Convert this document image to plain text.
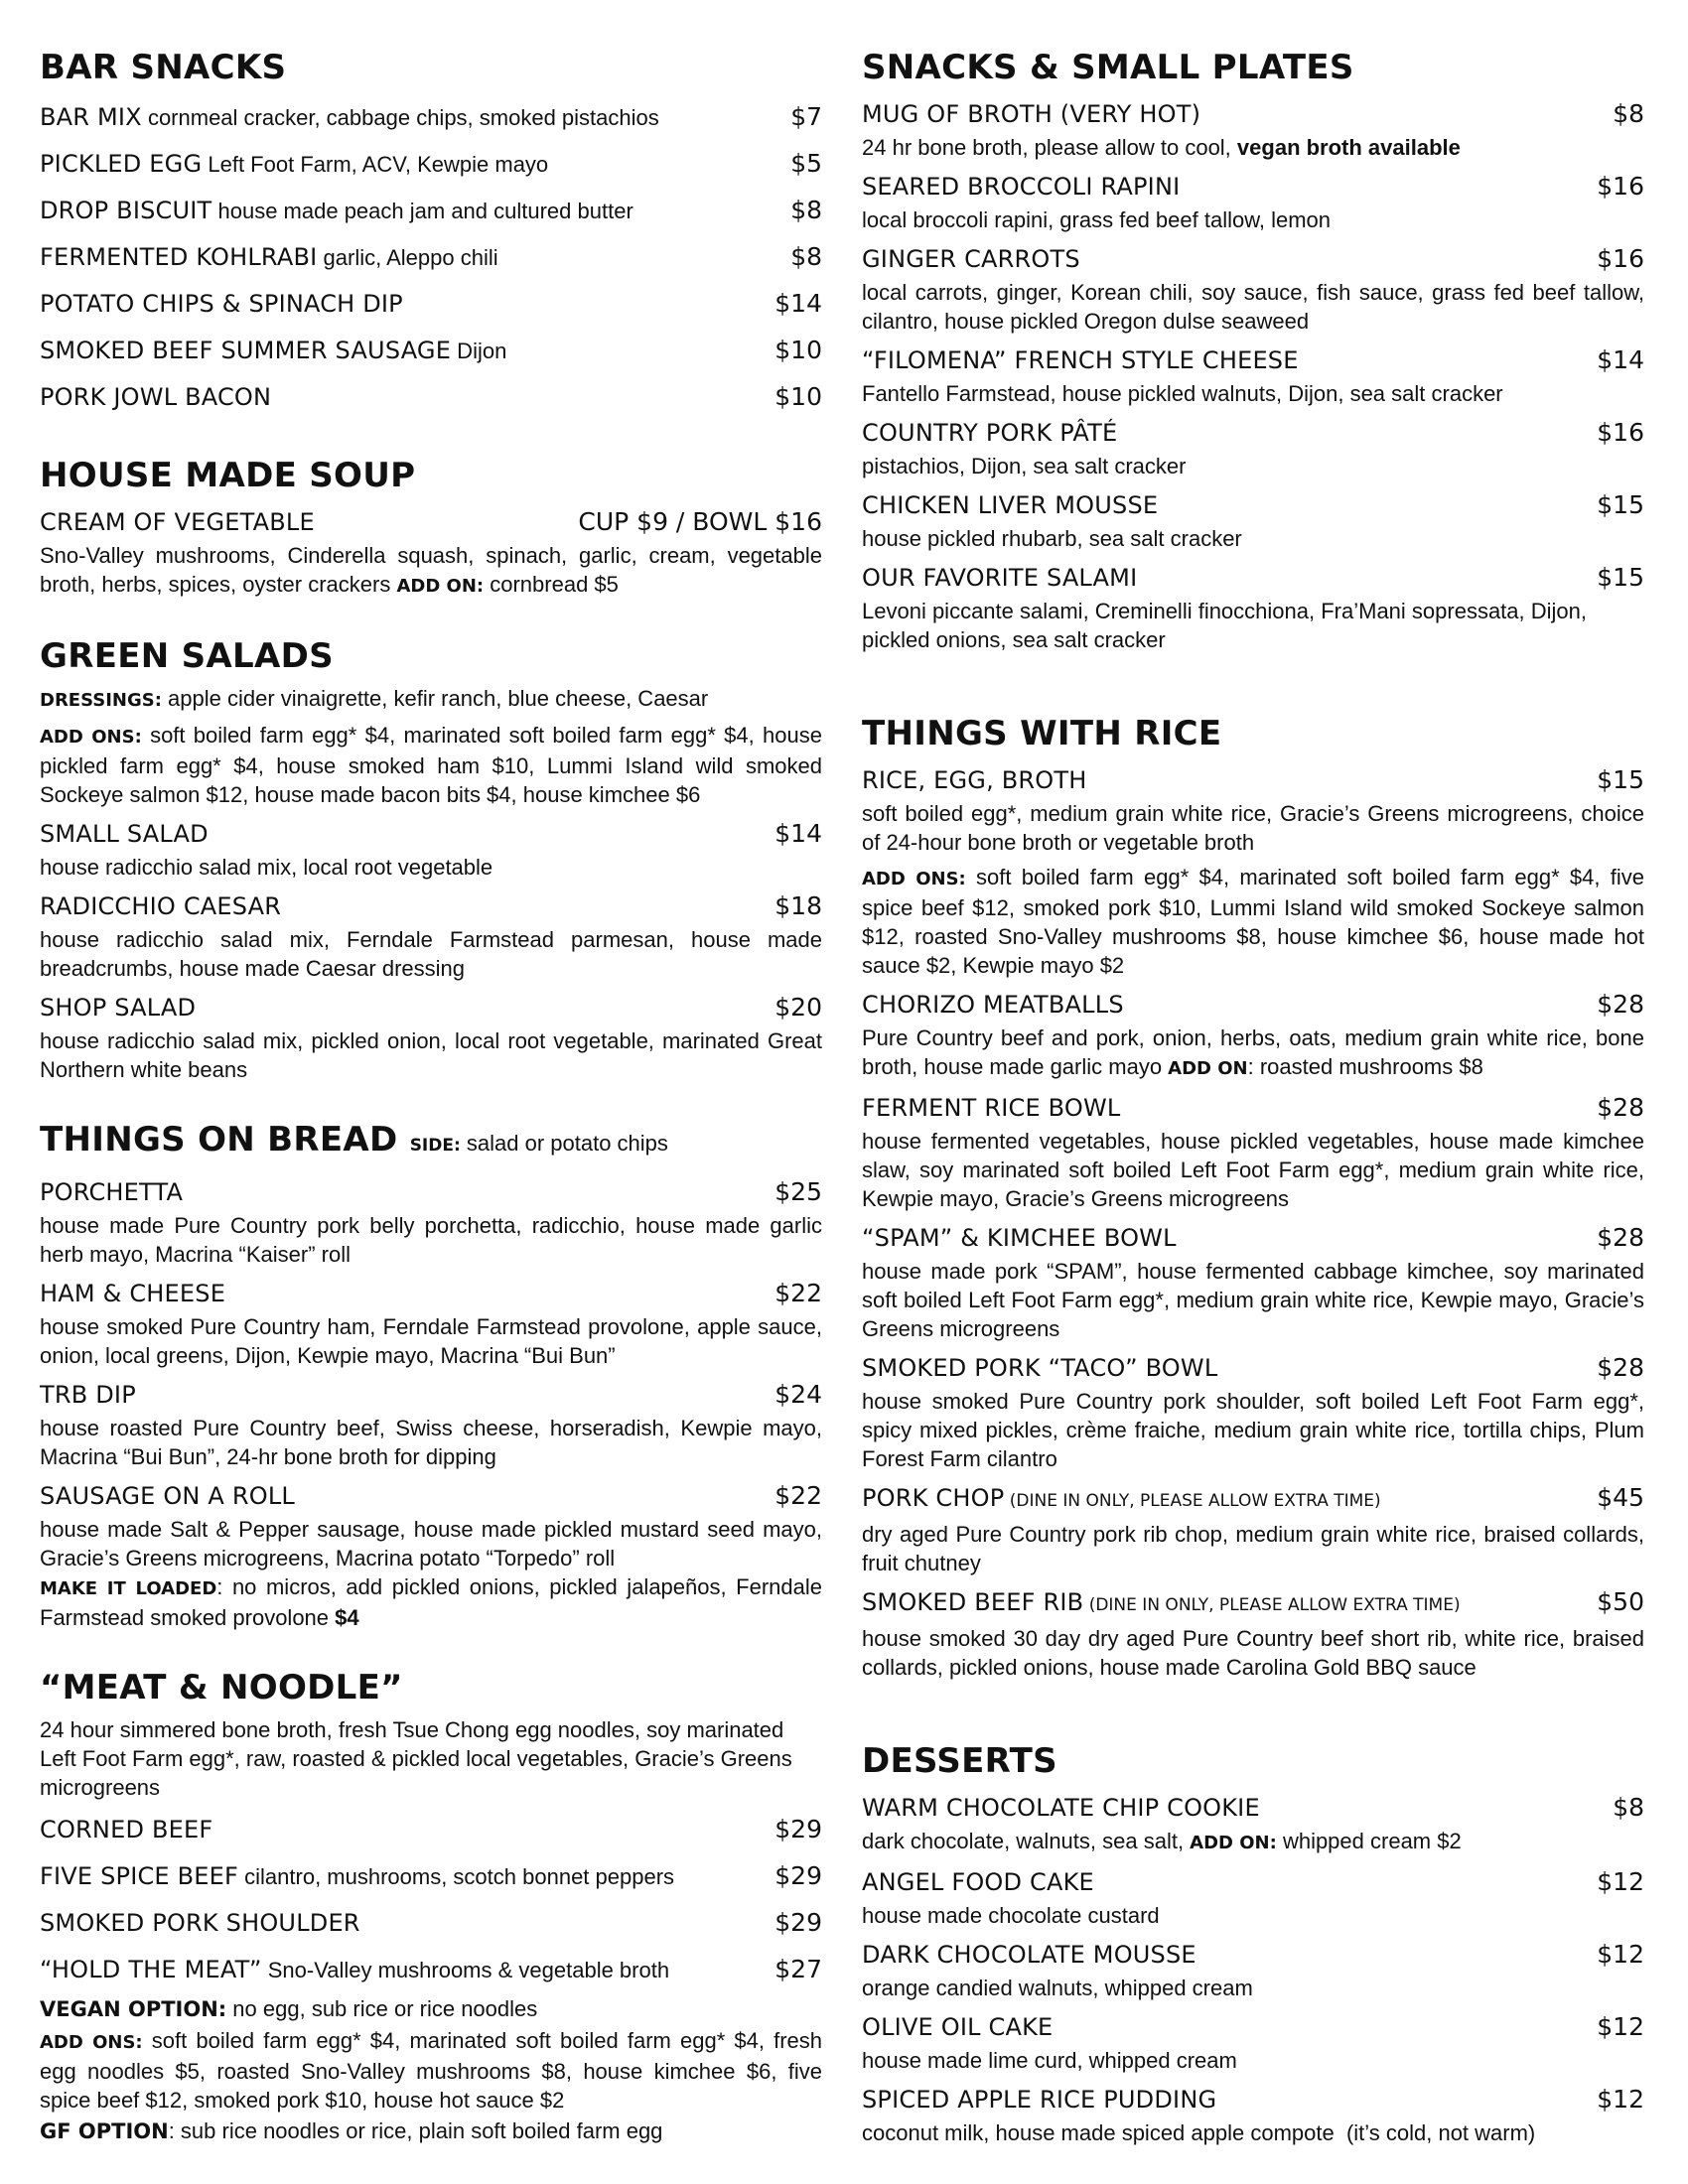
BAR SNACKS
BAR MIX cornmeal cracker, cabbage chips, smoked pistachios	$7
PICKLED EGG Left Foot Farm, ACV, Kewpie mayo	$5
DROP BISCUIT house made peach jam and cultured butter	$8
FERMENTED KOHLRABI garlic, Aleppo chili	$8
POTATO CHIPS & SPINACH DIP	$14
SMOKED BEEF SUMMER SAUSAGE Dijon	$10
PORK JOWL BACON	$10
HOUSE MADE SOUP
CREAM OF VEGETABLE	CUP $9 / BOWL $16

Sno-Valley mushrooms, Cinderella squash, spinach, garlic, cream, vegetable broth, herbs, spices, oyster crackers ADD ON: cornbread $5

GREEN SALADS

DRESSINGS: apple cider vinaigrette, kefir ranch, blue cheese, Caesar

ADD ONS: soft boiled farm egg* $4, marinated soft boiled farm egg* $4, house pickled farm egg* $4, house smoked ham $10, Lummi Island wild smoked Sockeye salmon $12, house made bacon bits $4, house kimchee $6

SMALL SALAD	$14

house radicchio salad mix, local root vegetable

RADICCHIO CAESAR	$18

house radicchio salad mix, Ferndale Farmstead parmesan, house made breadcrumbs, house made Caesar dressing

SHOP SALAD	$20

house radicchio salad mix, pickled onion, local root vegetable, marinated Great Northern white beans

THINGS ON BREAD SIDE: salad or potato chips
PORCHETTA	$25

house made Pure Country pork belly porchetta, radicchio, house made garlic herb mayo, Macrina “Kaiser” roll

HAM & CHEESE	$22

house smoked Pure Country ham, Ferndale Farmstead provolone, apple sauce, onion, local greens, Dijon, Kewpie mayo, Macrina “Bui Bun”

TRB DIP	$24

house roasted Pure Country beef, Swiss cheese, horseradish, Kewpie mayo, Macrina “Bui Bun”, 24-hr bone broth for dipping

SAUSAGE ON A ROLL	$22

house made Salt & Pepper sausage, house made pickled mustard seed mayo, Gracie’s Greens microgreens, Macrina potato “Torpedo” roll
MAKE IT LOADED: no micros, add pickled onions, pickled jalapeños, Ferndale Farmstead smoked provolone $4

“MEAT & NOODLE”

24 hour simmered bone broth, fresh Tsue Chong egg noodles, soy marinated Left Foot Farm egg*, raw, roasted & pickled local vegetables, Gracie’s Greens microgreens

CORNED BEEF	$29
FIVE SPICE BEEF cilantro, mushrooms, scotch bonnet peppers	$29
SMOKED PORK SHOULDER	$29
“HOLD THE MEAT” Sno-Valley mushrooms & vegetable broth	$27

VEGAN OPTION: no egg, sub rice or rice noodles

ADD ONS: soft boiled farm egg* $4, marinated soft boiled farm egg* $4, fresh egg noodles $5, roasted Sno-Valley mushrooms $8, house kimchee $6, five spice beef $12, smoked pork $10, house hot sauce $2

GF OPTION: sub rice noodles or rice, plain soft boiled farm egg

SNACKS & SMALL PLATES
MUG OF BROTH (VERY HOT)	$8

24 hr bone broth, please allow to cool, vegan broth available

SEARED BROCCOLI RAPINI	$16

local broccoli rapini, grass fed beef tallow, lemon

GINGER CARROTS	$16

local carrots, ginger, Korean chili, soy sauce, fish sauce, grass fed beef tallow, cilantro, house pickled Oregon dulse seaweed

“FILOMENA” FRENCH STYLE CHEESE	$14

Fantello Farmstead, house pickled walnuts, Dijon, sea salt cracker

COUNTRY PORK PÂTÉ	$16

pistachios, Dijon, sea salt cracker

CHICKEN LIVER MOUSSE	$15

house pickled rhubarb, sea salt cracker

OUR FAVORITE SALAMI	$15

Levoni piccante salami, Creminelli finocchiona, Fra’Mani sopressata, Dijon, pickled onions, sea salt cracker

THINGS WITH RICE
RICE, EGG, BROTH	$15

soft boiled egg*, medium grain white rice, Gracie’s Greens microgreens, choice of 24-hour bone broth or vegetable broth

ADD ONS: soft boiled farm egg* $4, marinated soft boiled farm egg* $4, five spice beef $12, smoked pork $10, Lummi Island wild smoked Sockeye salmon $12, roasted Sno-Valley mushrooms $8, house kimchee $6, house made hot sauce $2, Kewpie mayo $2

CHORIZO MEATBALLS	$28

Pure Country beef and pork, onion, herbs, oats, medium grain white rice, bone broth, house made garlic mayo ADD ON: roasted mushrooms $8

FERMENT RICE BOWL	$28

house fermented vegetables, house pickled vegetables, house made kimchee slaw, soy marinated soft boiled Left Foot Farm egg*, medium grain white rice, Kewpie mayo, Gracie’s Greens microgreens

“SPAM” & KIMCHEE BOWL	$28

house made pork “SPAM”, house fermented cabbage kimchee, soy marinated soft boiled Left Foot Farm egg*, medium grain white rice, Kewpie mayo, Gracie’s Greens microgreens

SMOKED PORK “TACO” BOWL	$28

house smoked Pure Country pork shoulder, soft boiled Left Foot Farm egg*, spicy mixed pickles, crème fraiche, medium grain white rice, tortilla chips, Plum Forest Farm cilantro

PORK CHOP (DINE IN ONLY, PLEASE ALLOW EXTRA TIME)	$45

dry aged Pure Country pork rib chop, medium grain white rice, braised collards, fruit chutney

SMOKED BEEF RIB (DINE IN ONLY, PLEASE ALLOW EXTRA TIME)	$50

house smoked 30 day dry aged Pure Country beef short rib, white rice, braised collards, pickled onions, house made Carolina Gold BBQ sauce

DESSERTS
WARM CHOCOLATE CHIP COOKIE	$8

dark chocolate, walnuts, sea salt, ADD ON: whipped cream $2

ANGEL FOOD CAKE	$12

house made chocolate custard

DARK CHOCOLATE MOUSSE	$12

orange candied walnuts, whipped cream

OLIVE OIL CAKE	$12

house made lime curd, whipped cream

SPICED APPLE RICE PUDDING	$12

coconut milk, house made spiced apple compote  (it’s cold, not warm)
